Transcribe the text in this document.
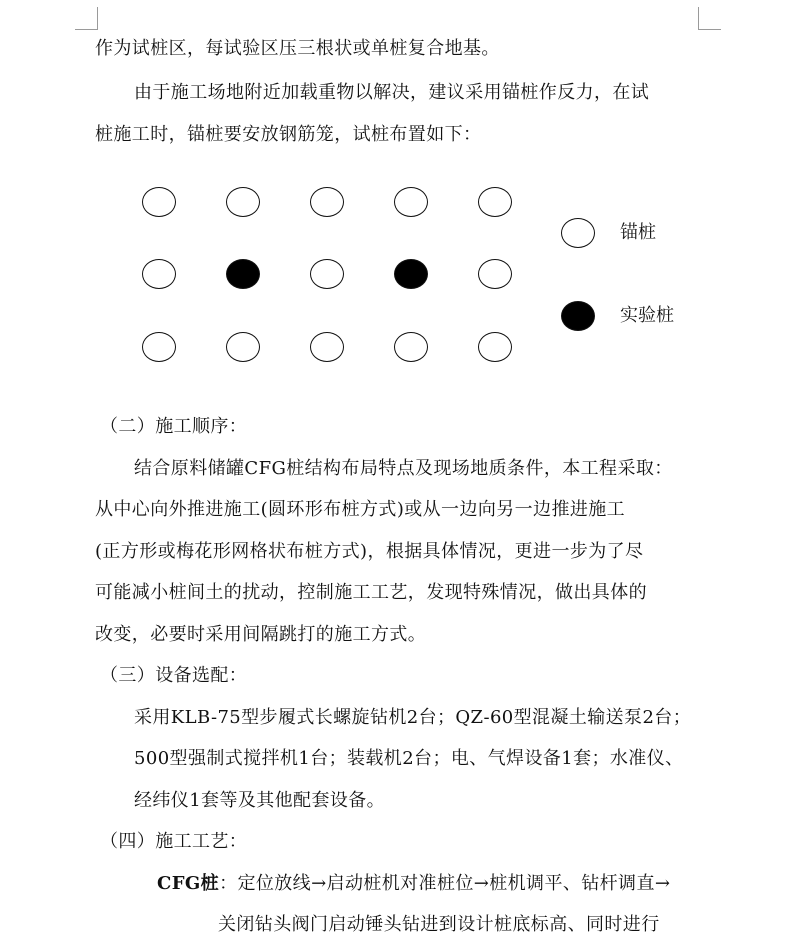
作为试桩区，每试验区压三根状或单桩复合地基。
由于施工场地附近加载重物以解决，建议采用锚桩作反力，在试
桩施工时，锚桩要安放钢筋笼，试桩布置如下：
锚桩
实验桩
（二）施工顺序：
结合原料储罐CFG桩结构布局特点及现场地质条件，本工程采取：
从中心向外推进施工(圆环形布桩方式)或从一边向另一边推进施工
(正方形或梅花形网格状布桩方式)，根据具体情况，更进一步为了尽
可能减小桩间土的扰动，控制施工工艺，发现特殊情况，做出具体的
改变，必要时采用间隔跳打的施工方式。
（三）设备选配：
采用KLB-75型步履式长螺旋钻机2台；QZ-60型混凝土输送泵2台；
500型强制式搅拌机1台；装载机2台；电、气焊设备1套；水准仪、
经纬仪1套等及其他配套设备。
（四）施工工艺：
CFG桩：定位放线→启动桩机对准桩位→桩机调平、钻杆调直→
关闭钻头阀门启动锤头钻进到设计桩底标高、同时进行
